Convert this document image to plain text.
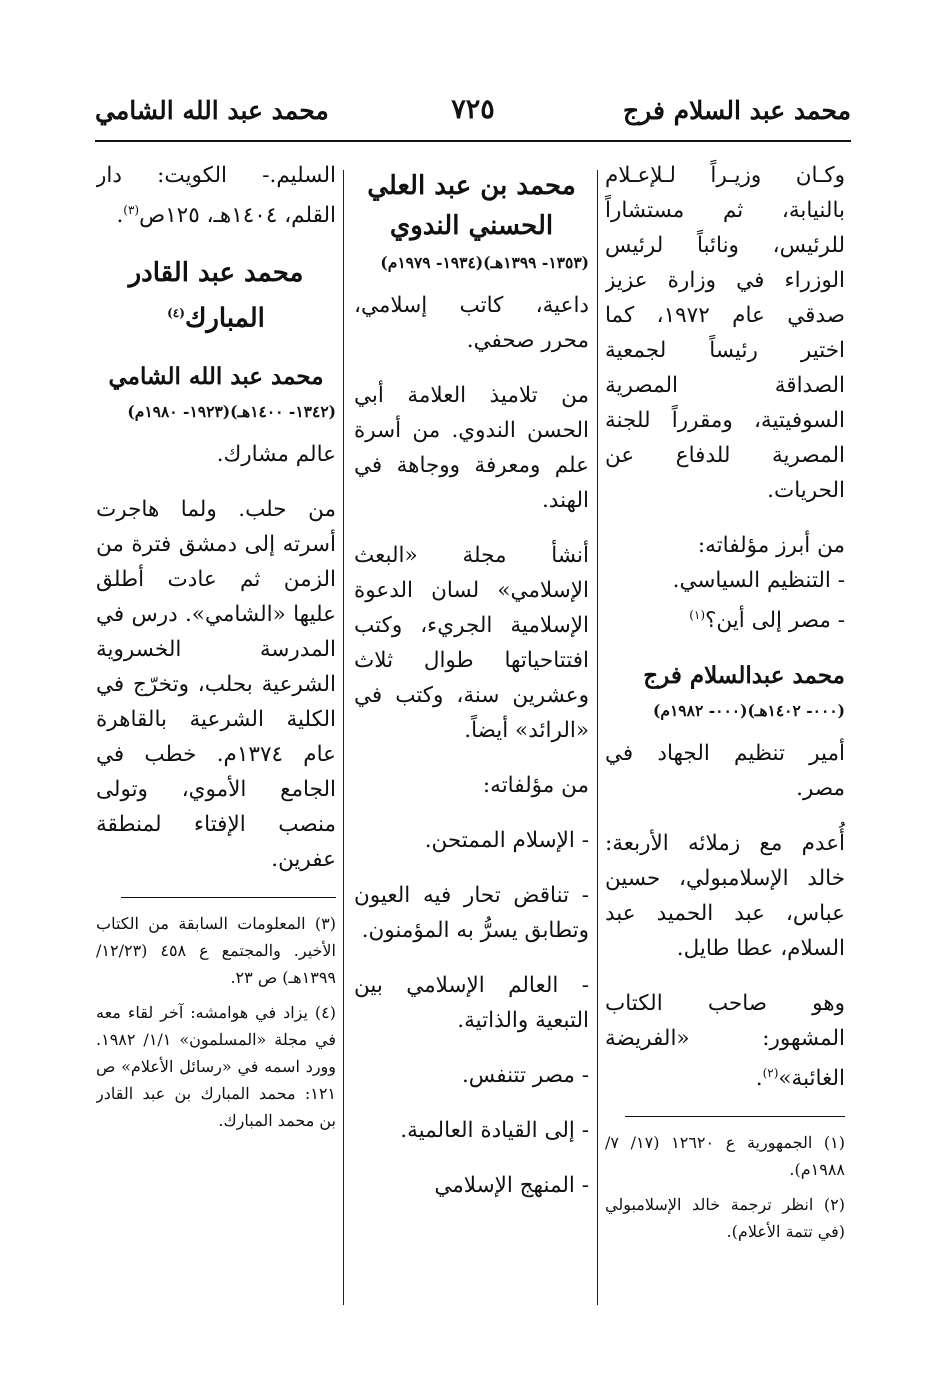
محمد عبد السلام فرج
٧٢٥
محمد عبد الله الشامي

وكـان وزيـراً لـلإعـلام بالنيابة، ثم مستشاراً للرئيس، ونائباً لرئيس الوزراء في وزارة عزيز صدقي عام ١٩٧٢، كما اختير رئيساً لجمعية الصداقة المصرية السوفيتية، ومقرراً للجنة المصرية للدفاع عن الحريات.

من أبرز مؤلفاته:

- التنظيم السياسي.

- مصر إلى أين؟$^{(١)}$

محمد عبدالسلام فرج
(٠٠٠- ١٤٠٢هـ)(٠٠٠- ١٩٨٢م)

أمير تنظيم الجهاد في مصر.

أُعدم مع زملائه الأربعة: خالد الإسلامبولي، حسين عباس، عبد الحميد عبد السلام، عطا طايل.

وهو صاحب الكتاب المشهور: «الفريضة الغائبة»$^{(٢)}$.

(١) الجمهورية ع ١٢٦٢٠ (١٧/ ٧/ ١٩٨٨م).

(٢) انظر ترجمة خالد الإسلامبولي (في تتمة الأعلام).

محمد بن عبد العلي الحسني الندوي
(١٣٥٣- ١٣٩٩هـ)(١٩٣٤- ١٩٧٩م)

داعية، كاتب إسلامي، محرر صحفي.

من تلاميذ العلامة أبي الحسن الندوي. من أسرة علم ومعرفة ووجاهة في الهند.

أنشأ مجلة «البعث الإسلامي» لسان الدعوة الإسلامية الجريء، وكتب افتتاحياتها طوال ثلاث وعشرين سنة، وكتب في «الرائد» أيضاً.

من مؤلفاته:

- الإسلام الممتحن.

- تناقض تحار فيه العيون وتطابق يسرُّ به المؤمنون.

- العالم الإسلامي بين التبعية والذاتية.

- مصر تتنفس.

- إلى القيادة العالمية.

- المنهج الإسلامي

السليم.- الكويت: دار القلم، ١٤٠٤هـ، ١٢٥ص$^{(٣)}$.

محمد عبد القادر المبارك$^{(٤)}$
محمد عبد الله الشامي
(١٣٤٢- ١٤٠٠هـ)(١٩٢٣- ١٩٨٠م)

عالم مشارك.

من حلب. ولما هاجرت أسرته إلى دمشق فترة من الزمن ثم عادت أطلق عليها «الشامي». درس في المدرسة الخسروية الشرعية بحلب، وتخرّج في الكلية الشرعية بالقاهرة عام ١٣٧٤م. خطب في الجامع الأموي، وتولى منصب الإفتاء لمنطقة عفرين.

(٣) المعلومات السابقة من الكتاب الأخير. والمجتمع ع ٤٥٨ (١٢/٢٣/ ١٣٩٩هـ) ص ٢٣.

(٤) يزاد في هوامشه: آخر لقاء معه في مجلة «المسلمون» ١/١/ ١٩٨٢. وورد اسمه في «رسائل الأعلام» ص ١٢١: محمد المبارك بن عبد القادر بن محمد المبارك.
